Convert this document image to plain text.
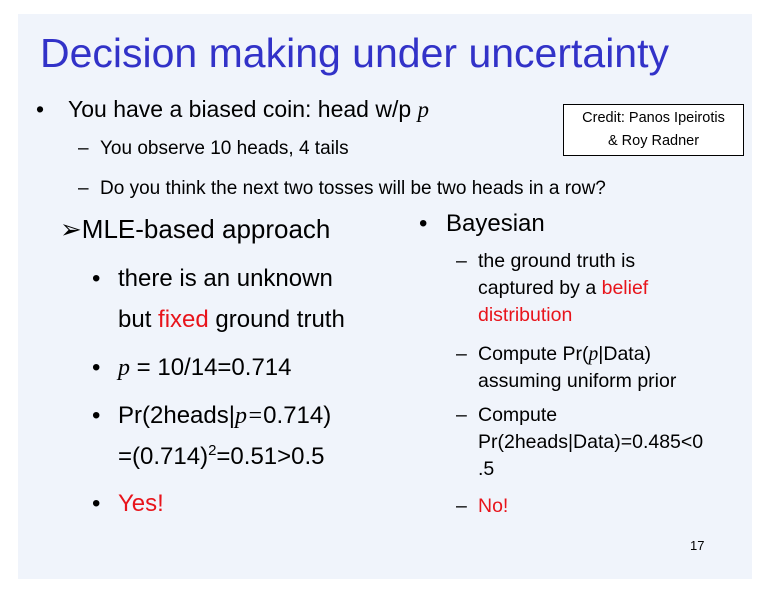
Decision making under uncertainty
Credit: Panos Ipeirotis
& Roy Radner
• You have a biased coin: head w/p p
– You observe 10 heads, 4 tails
– Do you think the next two tosses will be two heads in a row?
➢MLE-based approach
• there is an unknown
but fixed ground truth
• p = 10/14=0.714
• Pr(2heads|p=0.714)
$=(0.714)^2=0.51>0.5$
• Yes!
• Bayesian
– the ground truth is
captured by a belief
distribution
– Compute Pr(p|Data)
assuming uniform prior
– Compute
Pr(2heads|Data)=0.485<0
.5
– No!
17
